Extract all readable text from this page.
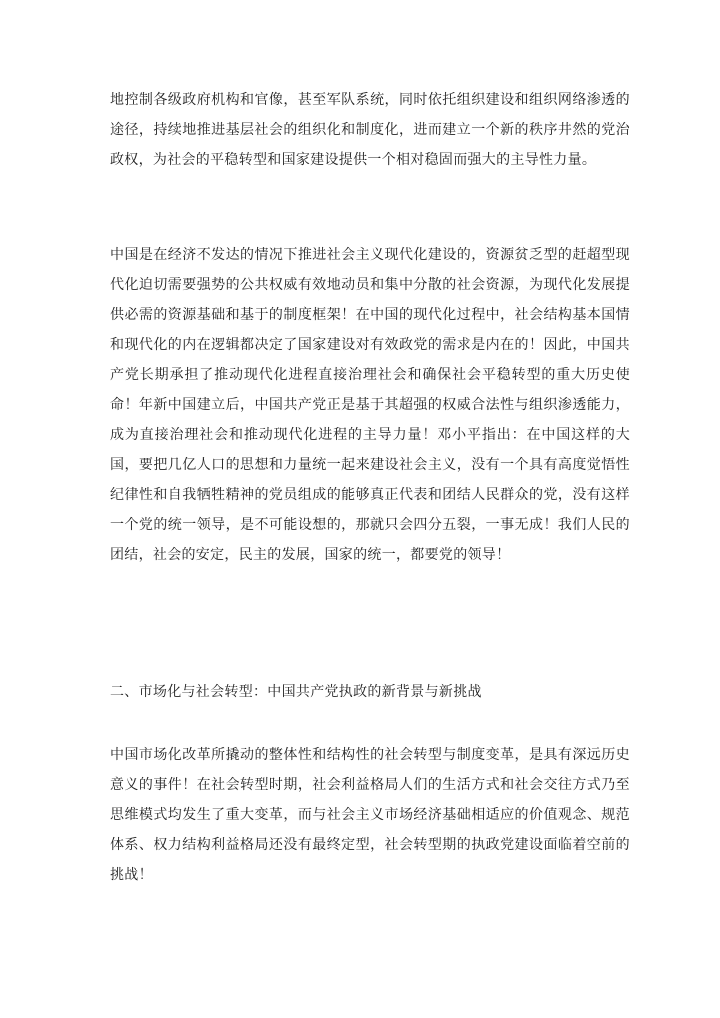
地控制各级政府机构和官像，甚至军队系统，同时依托组织建设和组织网络渗透的途径，持续地推进基层社会的组织化和制度化，进而建立一个新的秩序井然的党治政权，为社会的平稳转型和国家建设提供一个相对稳固而强大的主导性力量。

中国是在经济不发达的情况下推进社会主义现代化建设的，资源贫乏型的赶超型现代化迫切需要强势的公共权威有效地动员和集中分散的社会资源，为现代化发展提供必需的资源基础和基于的制度框架！在中国的现代化过程中，社会结构基本国情和现代化的内在逻辑都决定了国家建设对有效政党的需求是内在的！因此，中国共产党长期承担了推动现代化进程直接治理社会和确保社会平稳转型的重大历史使命！年新中国建立后，中国共产党正是基于其超强的权威合法性与组织渗透能力，成为直接治理社会和推动现代化进程的主导力量！邓小平指出：在中国这样的大国，要把几亿人口的思想和力量统一起来建设社会主义，没有一个具有高度觉悟性纪律性和自我牺牲精神的党员组成的能够真正代表和团结人民群众的党，没有这样一个党的统一领导，是不可能设想的，那就只会四分五裂，一事无成！我们人民的团结，社会的安定，民主的发展，国家的统一，都要党的领导！

二、市场化与社会转型：中国共产党执政的新背景与新挑战

中国市场化改革所撬动的整体性和结构性的社会转型与制度变革，是具有深远历史意义的事件！在社会转型时期，社会利益格局人们的生活方式和社会交往方式乃至思维模式均发生了重大变革，而与社会主义市场经济基础相适应的价值观念、规范体系、权力结构利益格局还没有最终定型，社会转型期的执政党建设面临着空前的挑战！
